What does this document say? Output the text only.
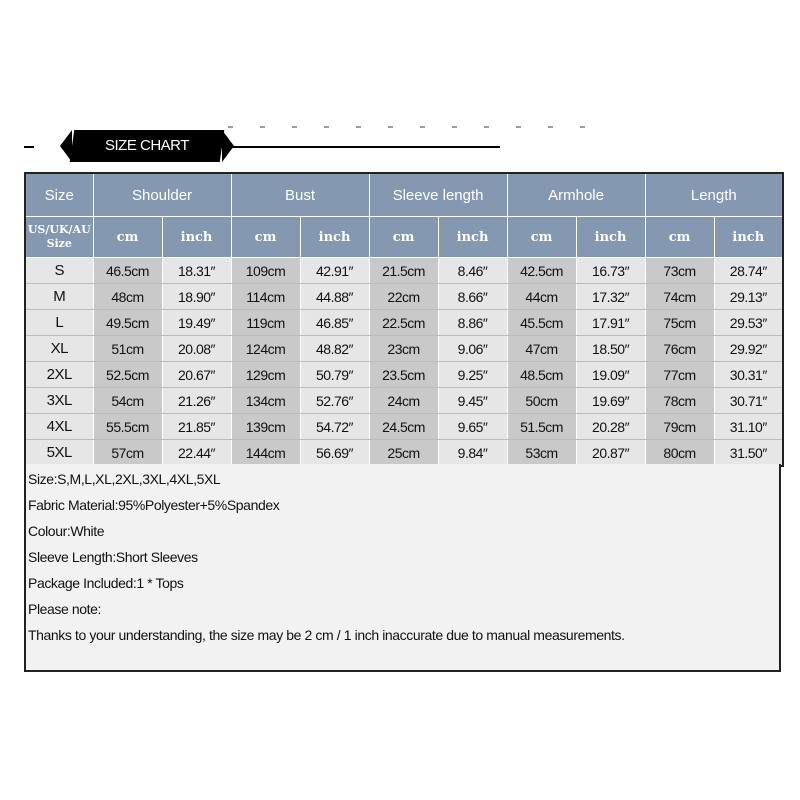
SIZE CHART
Size	Shoulder		Bust		Sleeve length		Armhole		Length	
US/UK/AU Size	cm	inch	cm	inch	cm	inch	cm	inch	cm	inch
S	46.5cm	18.31″	109cm	42.91″	21.5cm	8.46″	42.5cm	16.73″	73cm	28.74″
M	48cm	18.90″	114cm	44.88″	22cm	8.66″	44cm	17.32″	74cm	29.13″
L	49.5cm	19.49″	119cm	46.85″	22.5cm	8.86″	45.5cm	17.91″	75cm	29.53″
XL	51cm	20.08″	124cm	48.82″	23cm	9.06″	47cm	18.50″	76cm	29.92″
2XL	52.5cm	20.67″	129cm	50.79″	23.5cm	9.25″	48.5cm	19.09″	77cm	30.31″
3XL	54cm	21.26″	134cm	52.76″	24cm	9.45″	50cm	19.69″	78cm	30.71″
4XL	55.5cm	21.85″	139cm	54.72″	24.5cm	9.65″	51.5cm	20.28″	79cm	31.10″
5XL	57cm	22.44″	144cm	56.69″	25cm	9.84″	53cm	20.87″	80cm	31.50″

Size:S,M,L,XL,2XL,3XL,4XL,5XL

Fabric Material:95%Polyester+5%Spandex

Colour:White

Sleeve Length:Short Sleeves

Package Included:1 * Tops

Please note:

Thanks to your understanding, the size may be 2 cm / 1 inch inaccurate due to manual measurements.
